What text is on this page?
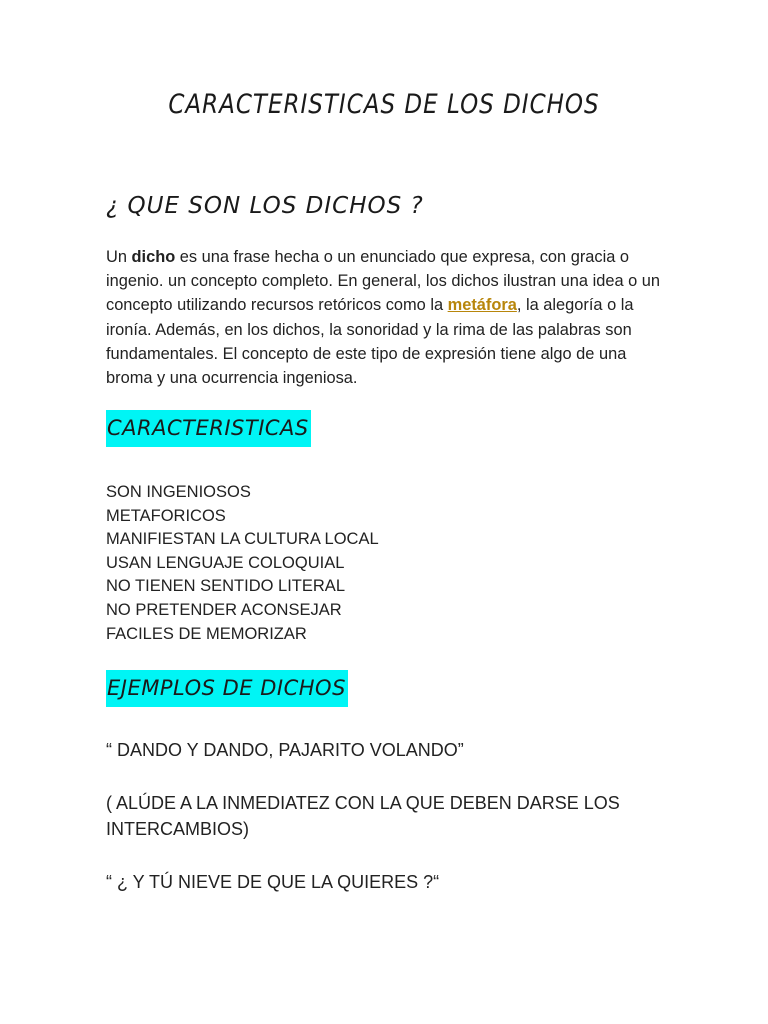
CARACTERISTICAS DE LOS DICHOS
¿ QUE SON LOS DICHOS ?
Un dicho es una frase hecha o un enunciado que expresa, con gracia o ingenio. un concepto completo. En general, los dichos ilustran una idea o un concepto utilizando recursos retóricos como la metáfora, la alegoría o la ironía. Además, en los dichos, la sonoridad y la rima de las palabras son fundamentales. El concepto de este tipo de expresión tiene algo de una broma y una ocurrencia ingeniosa.
CARACTERISTICAS
SON INGENIOSOS
METAFORICOS
MANIFIESTAN LA CULTURA LOCAL
USAN LENGUAJE COLOQUIAL
NO TIENEN SENTIDO LITERAL
NO PRETENDER ACONSEJAR
FACILES DE MEMORIZAR
EJEMPLOS DE DICHOS
“ DANDO Y DANDO, PAJARITO VOLANDO”
( ALÚDE A LA INMEDIATEZ CON LA QUE DEBEN DARSE LOS INTERCAMBIOS)
“ ¿ Y TÚ NIEVE DE QUE LA QUIERES ?“
